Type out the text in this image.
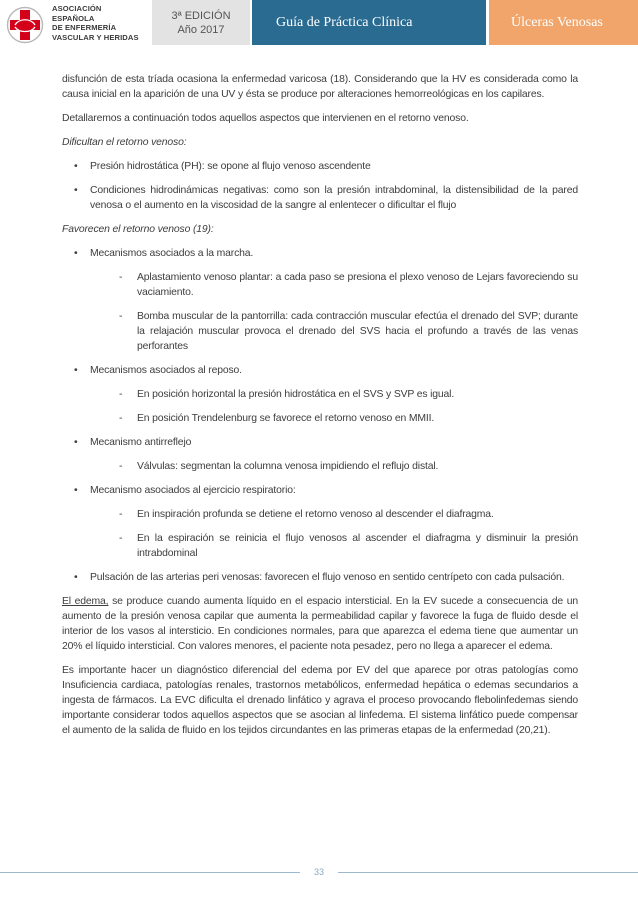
ASOCIACIÓN
ESPAÑOLA
DE ENFERMERÍA
VASCULAR Y HERIDAS
3ª EDICIÓN
Año 2017	Guía de Práctica Clínica	Úlceras Venosas

disfunción de esta tríada ocasiona la enfermedad varicosa (18). Considerando que la HV es considerada como la causa inicial en la aparición de una UV y ésta se produce por alteraciones hemorreológicas en los capilares.

Detallaremos a continuación todos aquellos aspectos que intervienen en el retorno venoso.

Dificultan el retorno venoso:

• Presión hidrostática (PH): se opone al flujo venoso ascendente
• Condiciones hidrodinámicas negativas: como son la presión intrabdominal, la distensibilidad de la pared venosa o el aumento en la viscosidad de la sangre al enlentecer o dificultar el flujo

Favorecen el retorno venoso (19):

• Mecanismos asociados a la marcha.
- Aplastamiento venoso plantar: a cada paso se presiona el plexo venoso de Lejars favoreciendo su vaciamiento.
- Bomba muscular de la pantorrilla: cada contracción muscular efectúa el drenado del SVP; durante la relajación muscular provoca el drenado del SVS hacia el profundo a través de las venas perforantes
• Mecanismos asociados al reposo.
- En posición horizontal la presión hidrostática en el SVS y SVP es igual.
- En posición Trendelenburg se favorece el retorno venoso en MMII.
• Mecanismo antirreflejo
- Válvulas: segmentan la columna venosa impidiendo el reflujo distal.
• Mecanismo asociados al ejercicio respiratorio:
- En inspiración profunda se detiene el retorno venoso al descender el diafragma.
- En la espiración se reinicia el flujo venosos al ascender el diafragma y disminuir la presión intrabdominal
• Pulsación de las arterias peri venosas: favorecen el flujo venoso en sentido centrípeto con cada pulsación.

El edema, se produce cuando aumenta líquido en el espacio intersticial. En la EV sucede a consecuencia de un aumento de la presión venosa capilar que aumenta la permeabilidad capilar y favorece la fuga de fluido desde el interior de los vasos al intersticio. En condiciones normales, para que aparezca el edema tiene que aumentar un 20% el líquido intersticial. Con valores menores, el paciente nota pesadez, pero no llega a aparecer el edema.

Es importante hacer un diagnóstico diferencial del edema por EV del que aparece por otras patologías como Insuficiencia cardiaca, patologías renales, trastornos metabólicos, enfermedad hepática o edemas secundarios a ingesta de fármacos. La EVC dificulta el drenado linfático y agrava el proceso provocando flebolinfedemas siendo importante considerar todos aquellos aspectos que se asocian al linfedema. El sistema linfático puede compensar el aumento de la salida de fluido en los tejidos circundantes en las primeras etapas de la enfermedad (20,21).

33
